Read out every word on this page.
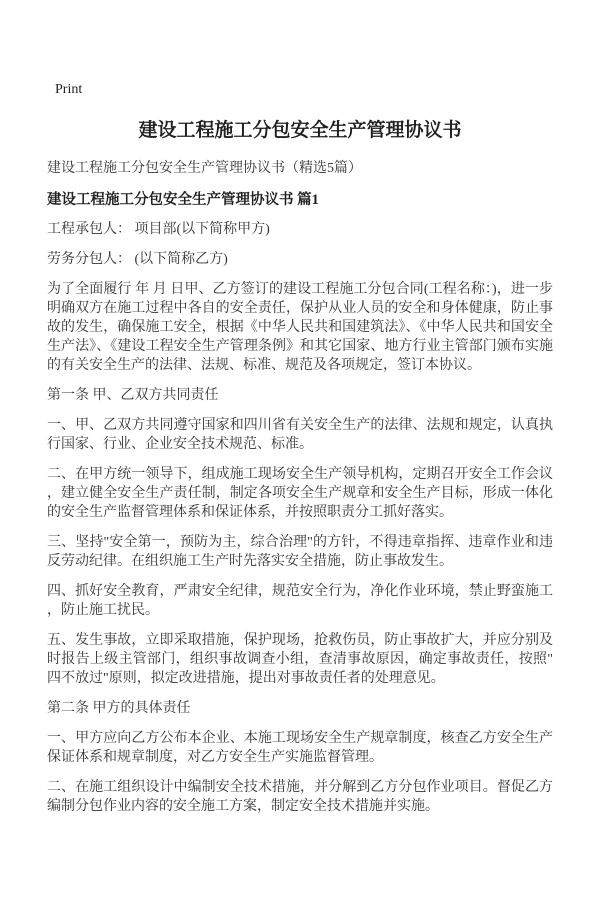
Print
建设工程施工分包安全生产管理协议书

建设工程施工分包安全生产管理协议书（精选5篇）

建设工程施工分包安全生产管理协议书 篇1

工程承包人： 项目部(以下简称甲方)

劳务分包人： (以下简称乙方)

为了全面履行 年 月 日甲、乙方签订的建设工程施工分包合同(工程名称：)，进一步明确双方在施工过程中各自的安全责任，保护从业人员的安全和身体健康，防止事故的发生，确保施工安全，根据《中华人民共和国建筑法》、《中华人民共和国安全生产法》、《建设工程安全生产管理条例》和其它国家、地方行业主管部门颁布实施的有关安全生产的法律、法规、标准、规范及各项规定，签订本协议。

第一条 甲、乙双方共同责任

一、甲、乙双方共同遵守国家和四川省有关安全生产的法律、法规和规定，认真执行国家、行业、企业安全技术规范、标准。

二、在甲方统一领导下，组成施工现场安全生产领导机构，定期召开安全工作会议，建立健全安全生产责任制，制定各项安全生产规章和安全生产目标，形成一体化的安全生产监督管理体系和保证体系，并按照职责分工抓好落实。

三、坚持"安全第一，预防为主，综合治理"的方针，不得违章指挥、违章作业和违反劳动纪律。在组织施工生产时先落实安全措施，防止事故发生。

四、抓好安全教育，严肃安全纪律，规范安全行为，净化作业环境，禁止野蛮施工，防止施工扰民。

五、发生事故，立即采取措施，保护现场，抢救伤员，防止事故扩大，并应分别及时报告上级主管部门，组织事故调查小组，查清事故原因，确定事故责任，按照"四不放过"原则，拟定改进措施，提出对事故责任者的处理意见。

第二条 甲方的具体责任

一、甲方应向乙方公布本企业、本施工现场安全生产规章制度，核查乙方安全生产保证体系和规章制度，对乙方安全生产实施监督管理。

二、在施工组织设计中编制安全技术措施，并分解到乙方分包作业项目。督促乙方编制分包作业内容的安全施工方案，制定安全技术措施并实施。
